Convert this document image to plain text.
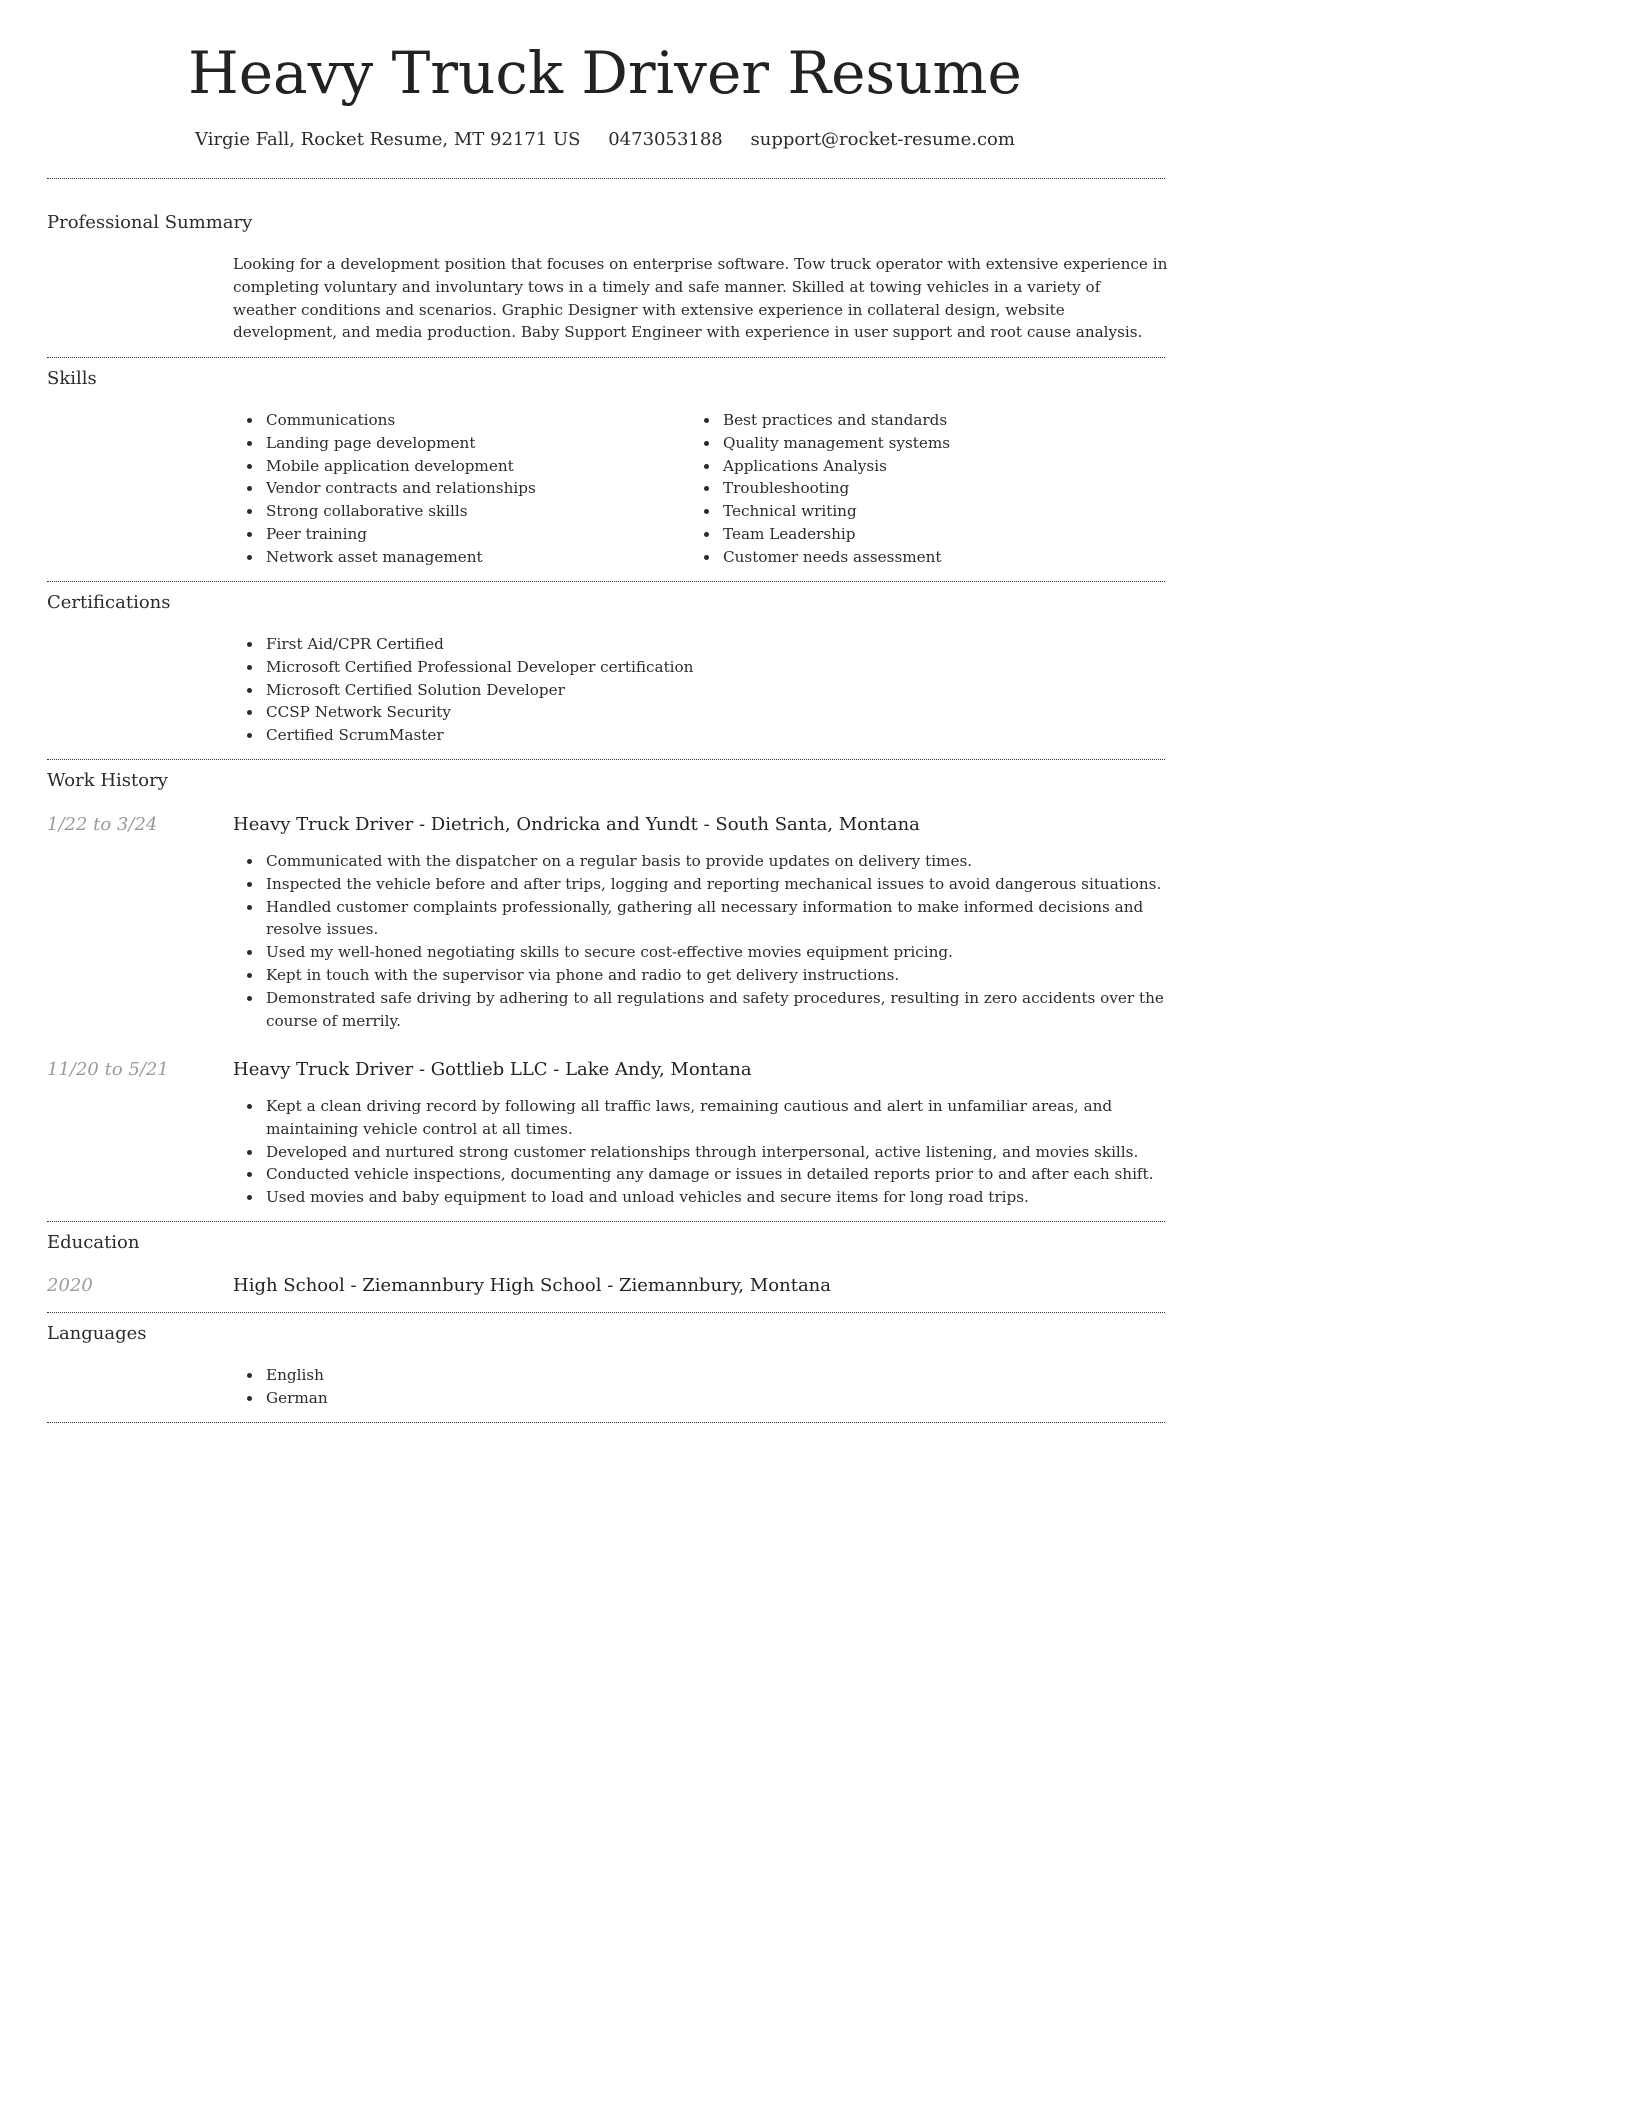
Heavy Truck Driver Resume
Virgie Fall, Rocket Resume, MT 92171 US 0473053188 support@rocket-resume.com
Professional Summary

Looking for a development position that focuses on enterprise software. Tow truck operator with extensive experience in completing voluntary and involuntary tows in a timely and safe manner. Skilled at towing vehicles in a variety of weather conditions and scenarios. Graphic Designer with extensive experience in collateral design, website development, and media production. Baby Support Engineer with experience in user support and root cause analysis.

Skills
Communications
Landing page development
Mobile application development
Vendor contracts and relationships
Strong collaborative skills
Peer training
Network asset management
Best practices and standards
Quality management systems
Applications Analysis
Troubleshooting
Technical writing
Team Leadership
Customer needs assessment
Certifications
First Aid/CPR Certified
Microsoft Certified Professional Developer certification
Microsoft Certified Solution Developer
CCSP Network Security
Certified ScrumMaster
Work History
1/22 to 3/24	Heavy Truck Driver - Dietrich, Ondricka and Yundt - South Santa, Montana
Communicated with the dispatcher on a regular basis to provide updates on delivery times.
Inspected the vehicle before and after trips, logging and reporting mechanical issues to avoid dangerous situations.
Handled customer complaints professionally, gathering all necessary information to make informed decisions and resolve issues.
Used my well-honed negotiating skills to secure cost-effective movies equipment pricing.
Kept in touch with the supervisor via phone and radio to get delivery instructions.
Demonstrated safe driving by adhering to all regulations and safety procedures, resulting in zero accidents over the course of merrily.
11/20 to 5/21	Heavy Truck Driver - Gottlieb LLC - Lake Andy, Montana
Kept a clean driving record by following all traffic laws, remaining cautious and alert in unfamiliar areas, and maintaining vehicle control at all times.
Developed and nurtured strong customer relationships through interpersonal, active listening, and movies skills.
Conducted vehicle inspections, documenting any damage or issues in detailed reports prior to and after each shift.
Used movies and baby equipment to load and unload vehicles and secure items for long road trips.
Education
2020	High School - Ziemannbury High School - Ziemannbury, Montana
Languages
English
German
